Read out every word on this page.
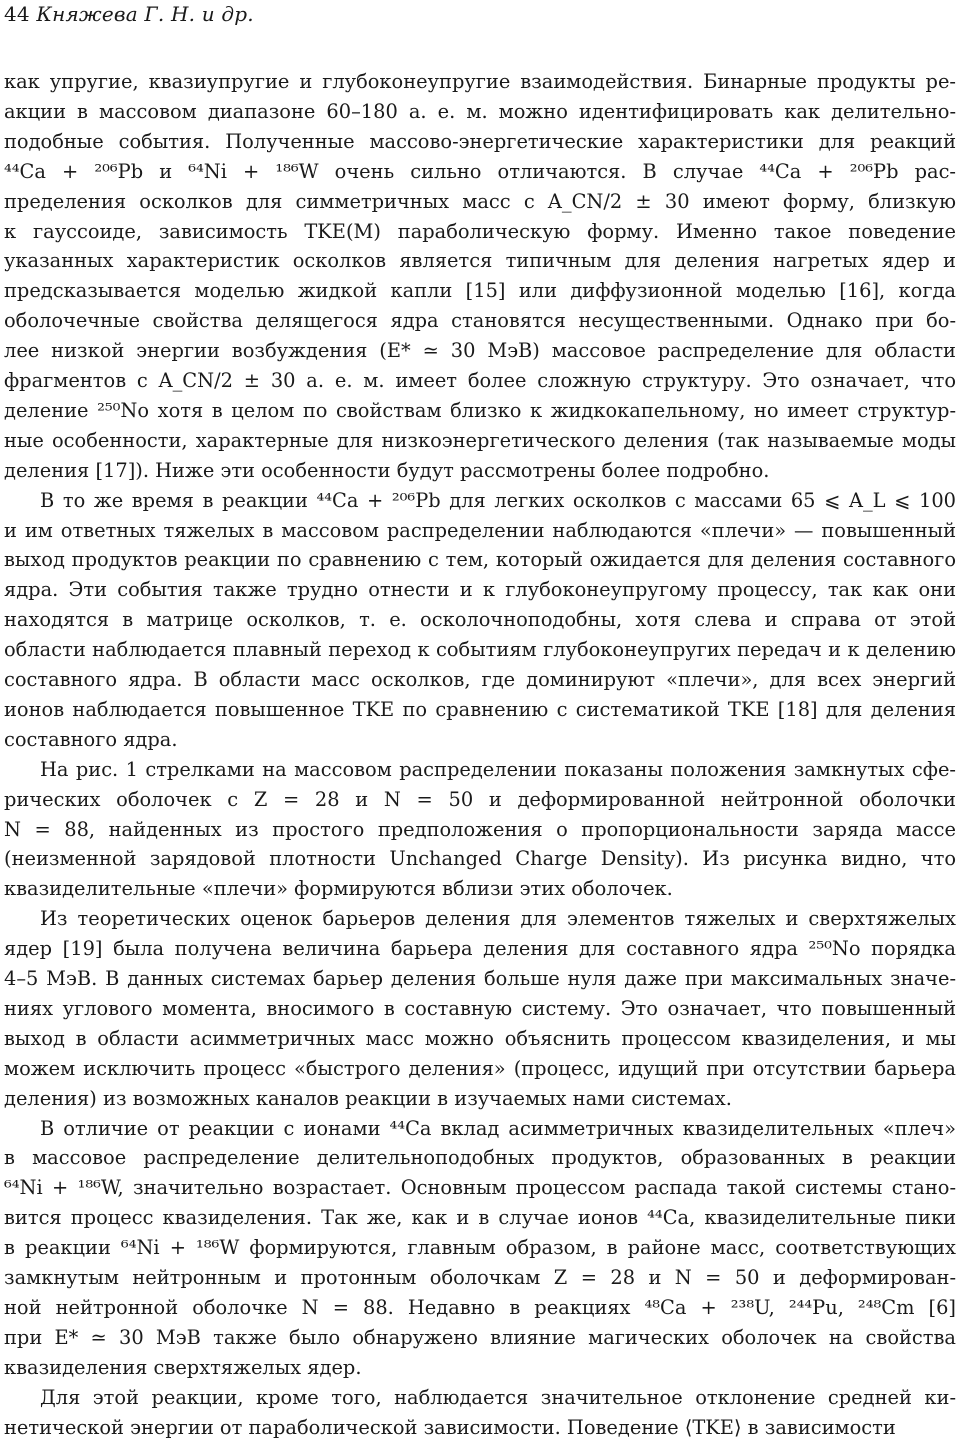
44 Княжева Г. Н. и др.
как упругие, квазиупругие и глубоконеупругие взаимодействия. Бинарные продукты ре-
акции в массовом диапазоне 60–180 а. е. м. можно идентифицировать как делительно-
подобные события. Полученные массово-энергетические характеристики для реакций
⁴⁴Ca + ²⁰⁶Pb и ⁶⁴Ni + ¹⁸⁶W очень сильно отличаются. В случае ⁴⁴Ca + ²⁰⁶Pb рас-
пределения осколков для симметричных масс с A_CN/2 ± 30 имеют форму, близкую
к гауссоиде, зависимость TKE(M) параболическую форму. Именно такое поведение
указанных характеристик осколков является типичным для деления нагретых ядер и
предсказывается моделью жидкой капли [15] или диффузионной моделью [16], когда
оболочечные свойства делящегося ядра становятся несущественными. Однако при бо-
лее низкой энергии возбуждения (E* ≃ 30 МэВ) массовое распределение для области
фрагментов с A_CN/2 ± 30 а. е. м. имеет более сложную структуру. Это означает, что
деление ²⁵⁰No хотя в целом по свойствам близко к жидкокапельному, но имеет структур-
ные особенности, характерные для низкоэнергетического деления (так называемые моды
деления [17]). Ниже эти особенности будут рассмотрены более подробно.
В то же время в реакции ⁴⁴Ca + ²⁰⁶Pb для легких осколков с массами 65 ⩽ A_L ⩽ 100
и им ответных тяжелых в массовом распределении наблюдаются «плечи» — повышенный
выход продуктов реакции по сравнению с тем, который ожидается для деления составного
ядра. Эти события также трудно отнести и к глубоконеупругому процессу, так как они
находятся в матрице осколков, т. е. осколочноподобны, хотя слева и справа от этой
области наблюдается плавный переход к событиям глубоконеупругих передач и к делению
составного ядра. В области масс осколков, где доминируют «плечи», для всех энергий
ионов наблюдается повышенное TKE по сравнению с систематикой TKE [18] для деления
составного ядра.
На рис. 1 стрелками на массовом распределении показаны положения замкнутых сфе-
рических оболочек с Z = 28 и N = 50 и деформированной нейтронной оболочки
N = 88, найденных из простого предположения о пропорциональности заряда массе
(неизменной зарядовой плотности Unchanged Charge Density). Из рисунка видно, что
квазиделительные «плечи» формируются вблизи этих оболочек.
Из теоретических оценок барьеров деления для элементов тяжелых и сверхтяжелых
ядер [19] была получена величина барьера деления для составного ядра ²⁵⁰No порядка
4–5 МэВ. В данных системах барьер деления больше нуля даже при максимальных значе-
ниях углового момента, вносимого в составную систему. Это означает, что повышенный
выход в области асимметричных масс можно объяснить процессом квазиделения, и мы
можем исключить процесс «быстрого деления» (процесс, идущий при отсутствии барьера
деления) из возможных каналов реакции в изучаемых нами системах.
В отличие от реакции с ионами ⁴⁴Ca вклад асимметричных квазиделительных «плеч»
в массовое распределение делительноподобных продуктов, образованных в реакции
⁶⁴Ni + ¹⁸⁶W, значительно возрастает. Основным процессом распада такой системы стано-
вится процесс квазиделения. Так же, как и в случае ионов ⁴⁴Ca, квазиделительные пики
в реакции ⁶⁴Ni + ¹⁸⁶W формируются, главным образом, в районе масс, соответствующих
замкнутым нейтронным и протонным оболочкам Z = 28 и N = 50 и деформирован-
ной нейтронной оболочке N = 88. Недавно в реакциях ⁴⁸Ca + ²³⁸U, ²⁴⁴Pu, ²⁴⁸Cm [6]
при E* ≃ 30 МэВ также было обнаружено влияние магических оболочек на свойства
квазиделения сверхтяжелых ядер.
Для этой реакции, кроме того, наблюдается значительное отклонение средней ки-
нетической энергии от параболической зависимости. Поведение ⟨TKE⟩ в зависимости
